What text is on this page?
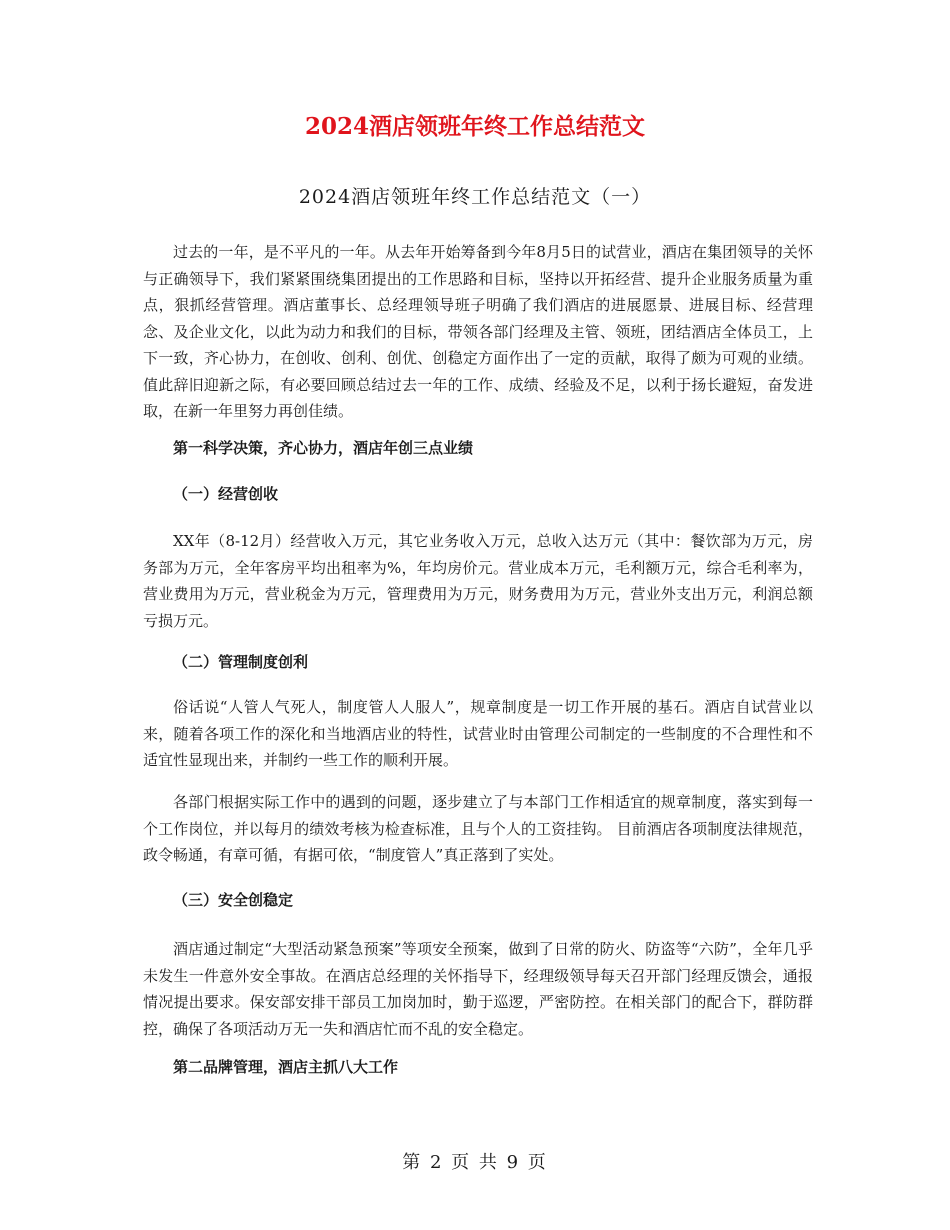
2024酒店领班年终工作总结范文
2024酒店领班年终工作总结范文（一）

过去的一年，是不平凡的一年。从去年开始筹备到今年8月5日的试营业，酒店在集团领导的关怀与正确领导下，我们紧紧围绕集团提出的工作思路和目标，坚持以开拓经营、提升企业服务质量为重点，狠抓经营管理。酒店董事长、总经理领导班子明确了我们酒店的进展愿景、进展目标、经营理念、及企业文化，以此为动力和我们的目标，带领各部门经理及主管、领班，团结酒店全体员工，上下一致，齐心协力，在创收、创利、创优、创稳定方面作出了一定的贡献，取得了颇为可观的业绩。值此辞旧迎新之际，有必要回顾总结过去一年的工作、成绩、经验及不足，以利于扬长避短，奋发进取，在新一年里努力再创佳绩。

第一科学决策，齐心协力，酒店年创三点业绩

（一）经营创收

XX年（8-12月）经营收入万元，其它业务收入万元，总收入达万元（其中：餐饮部为万元，房务部为万元，全年客房平均出租率为%，年均房价元。营业成本万元，毛利额万元，综合毛利率为，营业费用为万元，营业税金为万元，管理费用为万元，财务费用为万元，营业外支出万元，利润总额亏损万元。

（二）管理制度创利

俗话说“人管人气死人，制度管人人服人”，规章制度是一切工作开展的基石。酒店自试营业以来，随着各项工作的深化和当地酒店业的特性，试营业时由管理公司制定的一些制度的不合理性和不适宜性显现出来，并制约一些工作的顺利开展。

各部门根据实际工作中的遇到的问题，逐步建立了与本部门工作相适宜的规章制度，落实到每一个工作岗位，并以每月的绩效考核为检查标准，且与个人的工资挂钩。 目前酒店各项制度法律规范，政令畅通，有章可循，有据可依，“制度管人”真正落到了实处。

（三）安全创稳定

酒店通过制定“大型活动紧急预案”等项安全预案，做到了日常的防火、防盗等“六防”，全年几乎未发生一件意外安全事故。在酒店总经理的关怀指导下，经理级领导每天召开部门经理反馈会，通报情况提出要求。保安部安排干部员工加岗加时，勤于巡逻，严密防控。在相关部门的配合下，群防群控，确保了各项活动万无一失和酒店忙而不乱的安全稳定。

第二品牌管理，酒店主抓八大工作

第 2 页 共 9 页
